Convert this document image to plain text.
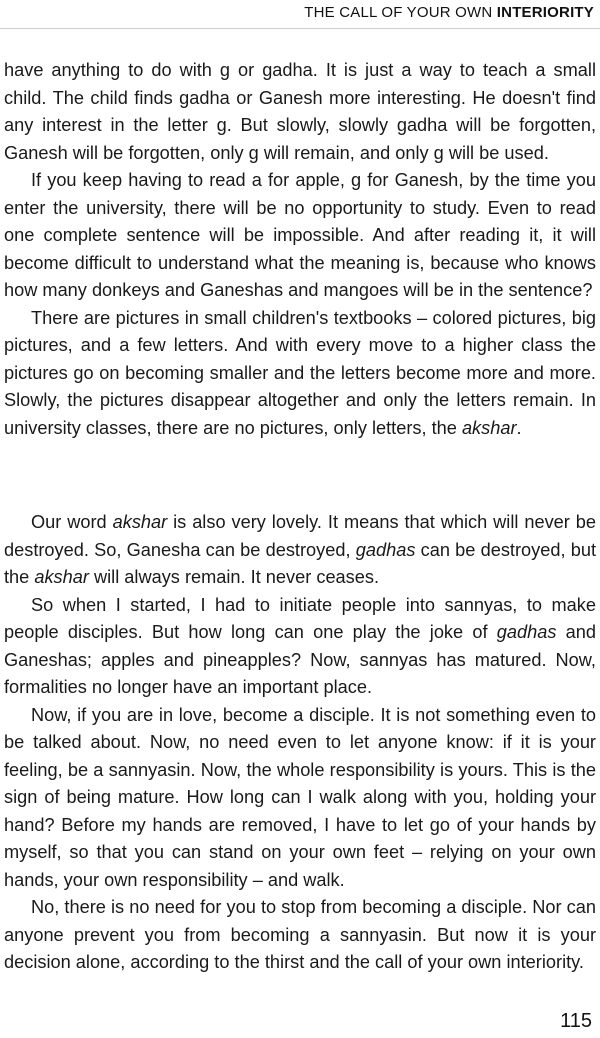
THE CALL OF YOUR OWN INTERIORITY

have anything to do with g or gadha. It is just a way to teach a small child. The child finds gadha or Ganesh more interesting. He doesn't find any interest in the letter g. But slowly, slowly gadha will be forgotten, Ganesh will be forgotten, only g will remain, and only g will be used.

If you keep having to read a for apple, g for Ganesh, by the time you enter the university, there will be no opportunity to study. Even to read one complete sentence will be impossible. And after reading it, it will become difficult to understand what the meaning is, because who knows how many donkeys and Ganeshas and mangoes will be in the sentence?

There are pictures in small children's textbooks – colored pictures, big pictures, and a few letters. And with every move to a higher class the pictures go on becoming smaller and the letters become more and more. Slowly, the pictures disappear altogether and only the letters remain. In university classes, there are no pictures, only letters, the akshar.

Our word akshar is also very lovely. It means that which will never be destroyed. So, Ganesha can be destroyed, gadhas can be destroyed, but the akshar will always remain. It never ceases.

So when I started, I had to initiate people into sannyas, to make people disciples. But how long can one play the joke of gadhas and Ganeshas; apples and pineapples? Now, sannyas has matured. Now, formalities no longer have an important place.

Now, if you are in love, become a disciple. It is not something even to be talked about. Now, no need even to let anyone know: if it is your feeling, be a sannyasin. Now, the whole responsibility is yours. This is the sign of being mature. How long can I walk along with you, holding your hand? Before my hands are removed, I have to let go of your hands by myself, so that you can stand on your own feet – relying on your own hands, your own responsibility – and walk.

No, there is no need for you to stop from becoming a disciple. Nor can anyone prevent you from becoming a sannyasin. But now it is your decision alone, according to the thirst and the call of your own interiority.

115
